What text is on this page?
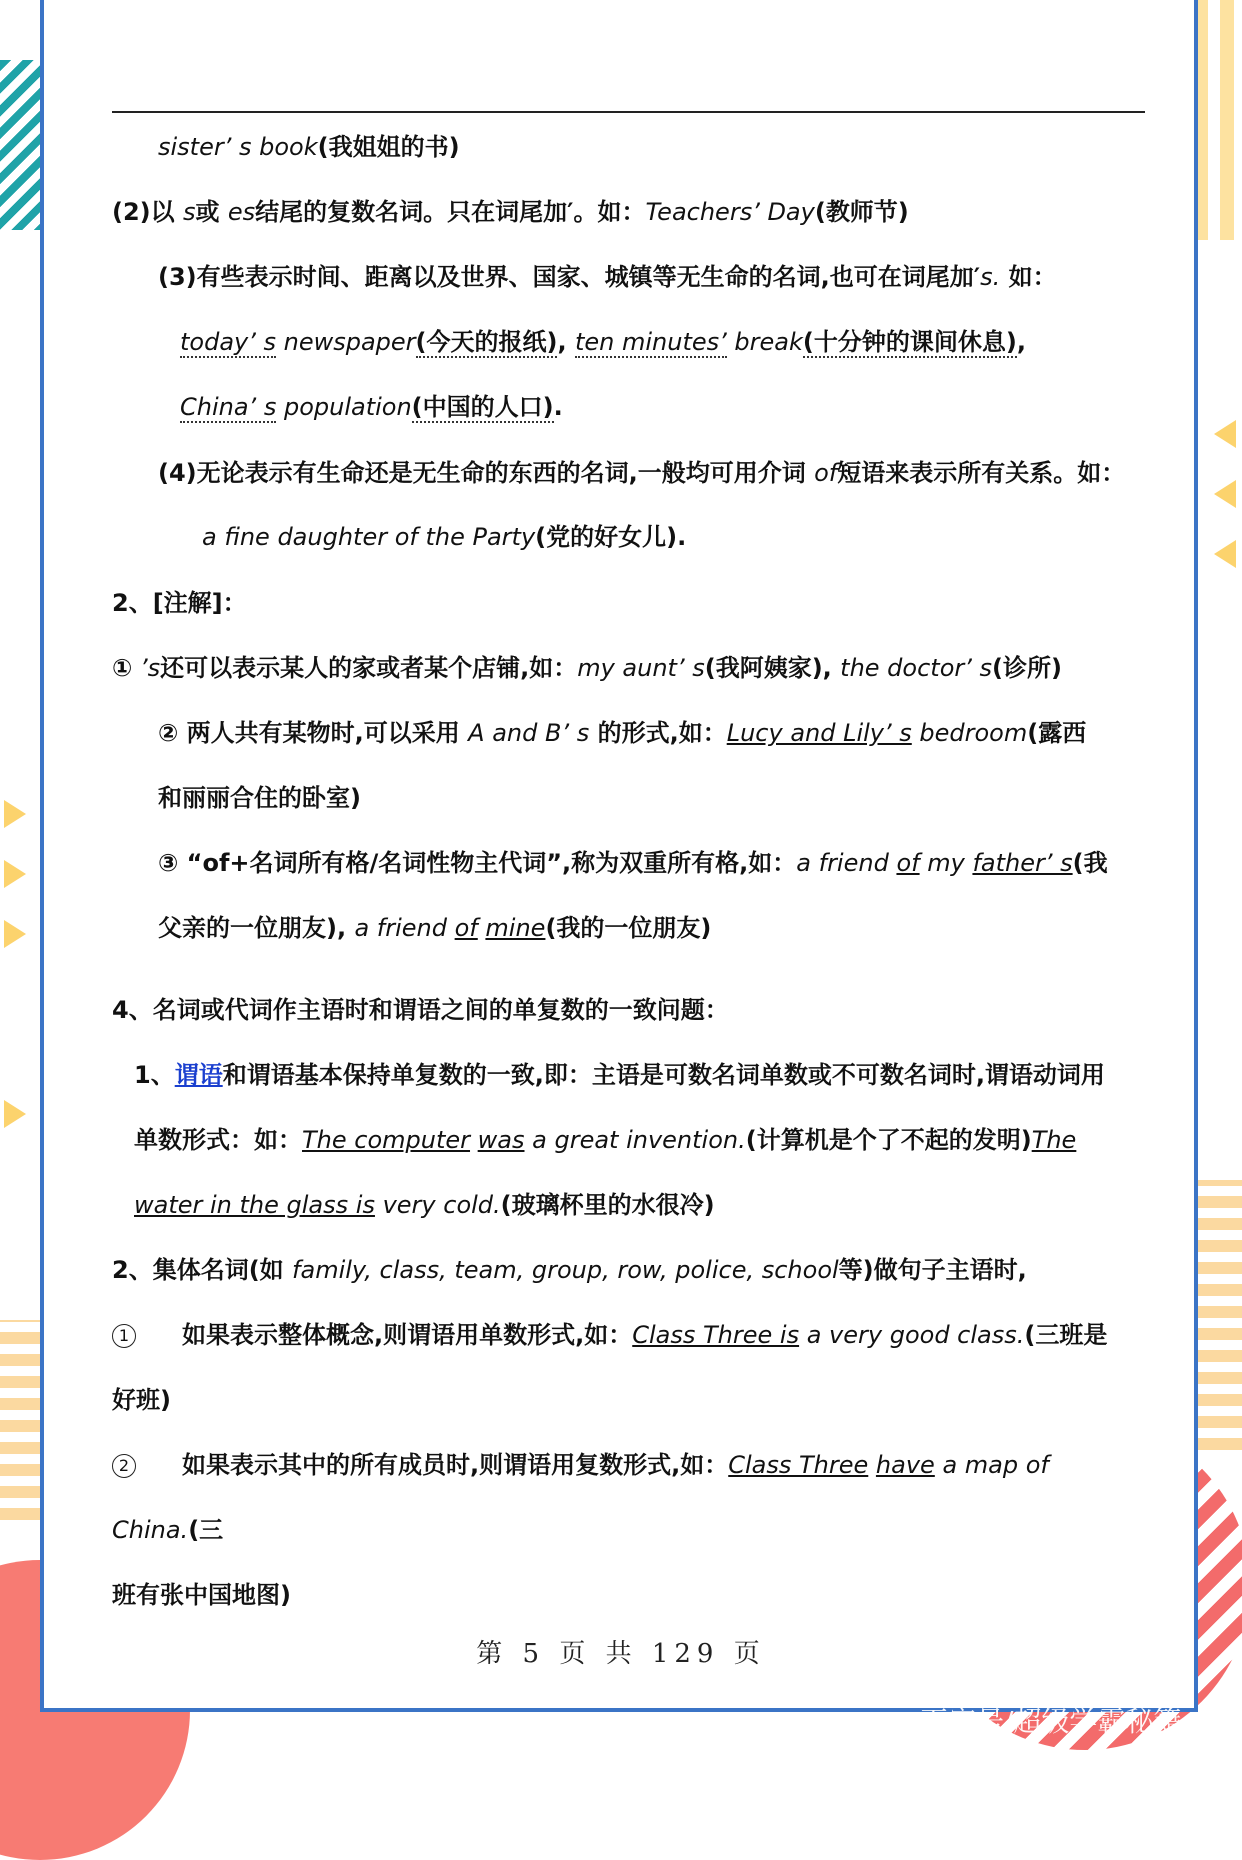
sister’ s book(我姐姐的书)
(2)以 s或 es结尾的复数名词。只在词尾加′。如：Teachers’ Day(教师节)
(3)有些表示时间、距离以及世界、国家、城镇等无生命的名词,也可在词尾加′s. 如：
today’ s newspaper(今天的报纸), ten minutes’ break(十分钟的课间休息),
China’ s population(中国的人口).
(4)无论表示有生命还是无生命的东西的名词,一般均可用介词 of短语来表示所有关系。如：
a fine daughter of the Party(党的好女儿).
2、[注解]：
① ’s还可以表示某人的家或者某个店铺,如：my aunt’ s(我阿姨家), the doctor’ s(诊所)
② 两人共有某物时,可以采用 A and B’ s 的形式,如：Lucy and Lily’ s bedroom(露西
和丽丽合住的卧室)
③ “of+名词所有格/名词性物主代词”,称为双重所有格,如：a friend of my father’ s(我
父亲的一位朋友), a friend of mine(我的一位朋友)
4、名词或代词作主语时和谓语之间的单复数的一致问题：
1、谓语和谓语基本保持单复数的一致,即：主语是可数名词单数或不可数名词时,谓语动词用
单数形式：如：The computer was a great invention.(计算机是个了不起的发明)The
water in the glass is very cold.(玻璃杯里的水很冷)
2、集体名词(如 family, class, team, group, row, police, school等)做句子主语时,
1 如果表示整体概念,则谓语用单数形式,如：Class Three is a very good class.(三班是
好班)
2 如果表示其中的所有成员时,则谓语用复数形式,如：Class Three have a map of
China.(三
班有张中国地图)
第 5 页 共 129 页
百家号/超级学霸秘籍
